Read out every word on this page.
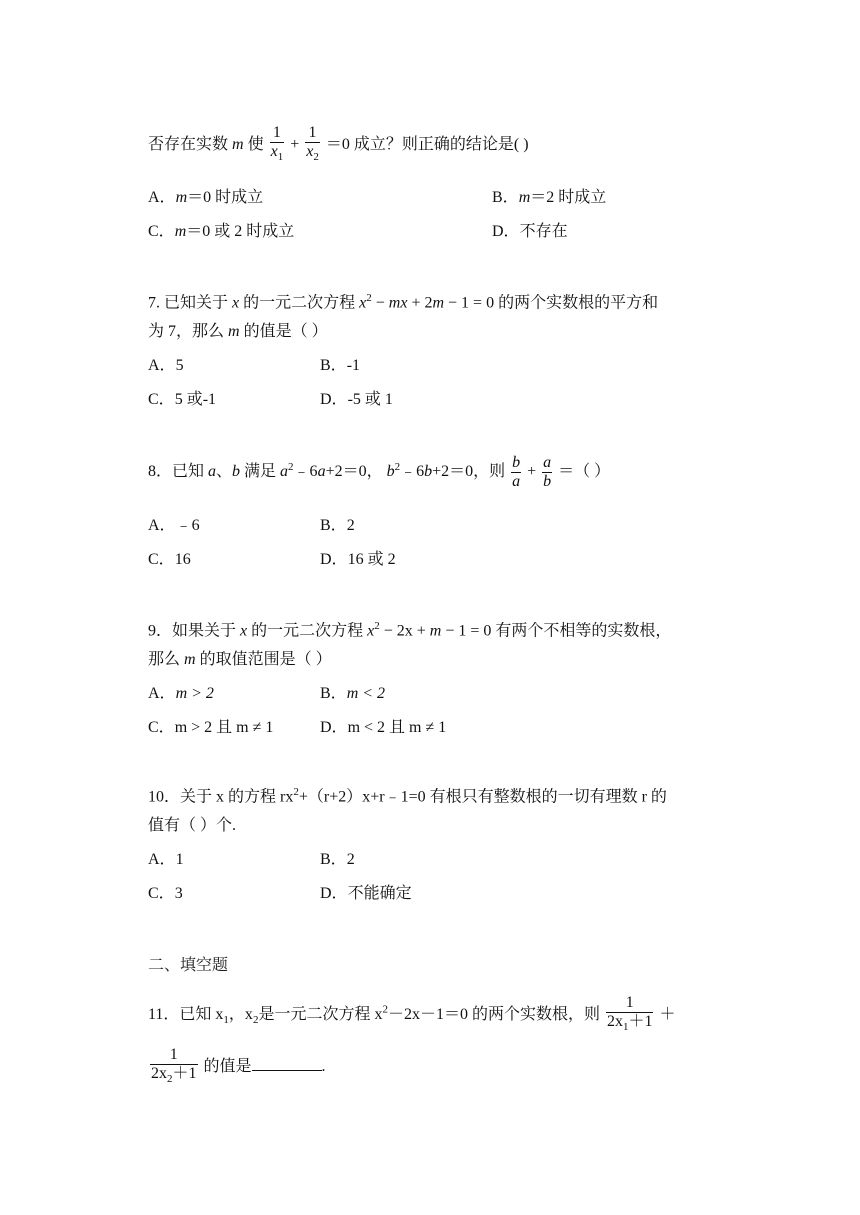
否存在实数 m 使 $\frac{1}{x_1} + \frac{1}{x_2} =0$ 成立？则正确的结论是( )
A．m＝0 时成立	B．m＝2 时成立
C．m＝0 或 2 时成立	D．不存在
7. 已知关于 x 的一元二次方程 $x^2$ − mx + 2m − 1 = 0 的两个实数根的平方和
为 7，那么 m 的值是（ ）
A．5	B．-1
C．5 或-1	D．-5 或 1
8．已知 a、b 满足 $a^2﹣6a+2=0$， $b^2﹣6b+2=0$，则 $\frac{b}{a} + \frac{a}{b}$ ＝（ ）
A．﹣6	B．2
C．16	D．16 或 2
9．如果关于 x 的一元二次方程 $x^2 - 2x + m - 1 = 0$ 有两个不相等的实数根，
那么 m 的取值范围是（ ）
A．m > 2	B．m < 2
C．m > 2 且 m ≠ 1	D．m < 2 且 m ≠ 1
10．关于 x 的方程 $rx^2+(r+2)x+r﹣1=0$ 有根只有整数根的一切有理数 r 的
值有（ ）个.
A．1	B．2
C．3	D．不能确定
二、填空题
11．已知 $x_1$，$x_2$是一元二次方程 $x^2-2x-1=0$ 的两个实数根，则 $\frac{1}{2x_1+1}$ ＋
$\frac{1}{2x_2+1}$ 的值是	.
